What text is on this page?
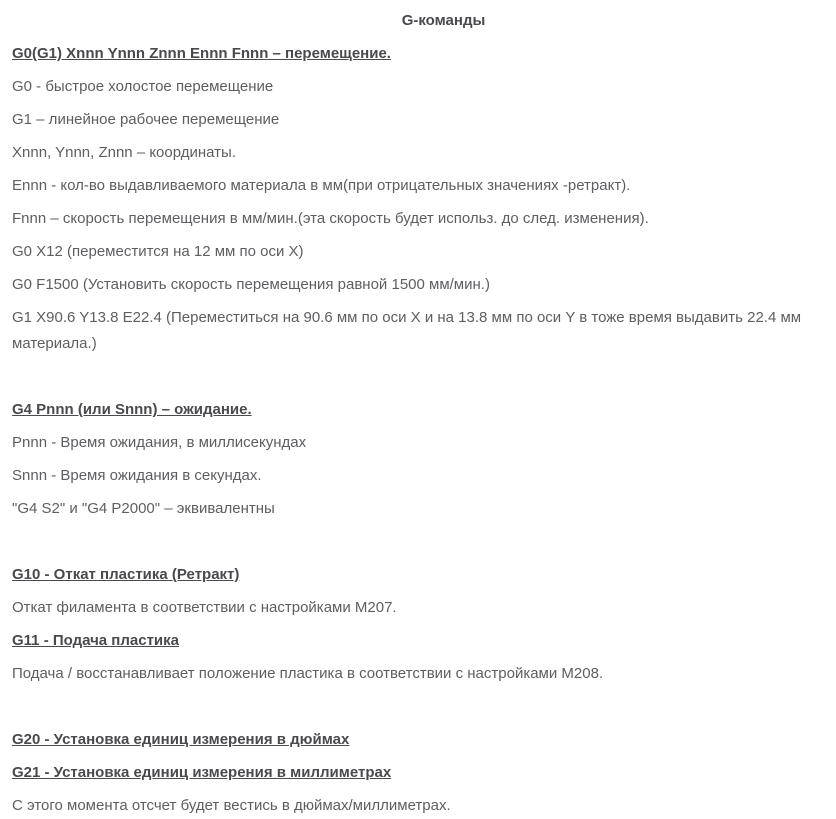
G-команды
G0(G1) Xnnn Ynnn Znnn Ennn Fnnn – перемещение.

G0 - быстрое холостое перемещение

G1 – линейное рабочее перемещение

Xnnn, Ynnn, Znnn – координаты.

Ennn - кол-во выдавливаемого материала в мм(при отрицательных значениях -ретракт).

Fnnn – скорость перемещения в мм/мин.(эта скорость будет использ. до след. изменения).

G0 X12 (переместится на 12 мм по оси X)

G0 F1500 (Установить скорость перемещения равной 1500 мм/мин.)

G1 X90.6 Y13.8 E22.4 (Переместиться на 90.6 мм по оси X и на 13.8 мм по оси Y в тоже время выдавить 22.4 мм материала.)

G4 Pnnn (или Snnn) – ожидание.

Pnnn - Время ожидания, в миллисекундах

Snnn - Время ожидания в секундах.

"G4 S2" и "G4 P2000" – эквивалентны

G10 - Откат пластика (Ретракт)

Откат филамента в соответствии с настройками M207.

G11 - Подача пластика

Подача / восстанавливает положение пластика в соответствии с настройками M208.

G20 - Установка единиц измерения в дюймах
G21 - Установка единиц измерения в миллиметрах

С этого момента отсчет будет вестись в дюймах/миллиметрах.
